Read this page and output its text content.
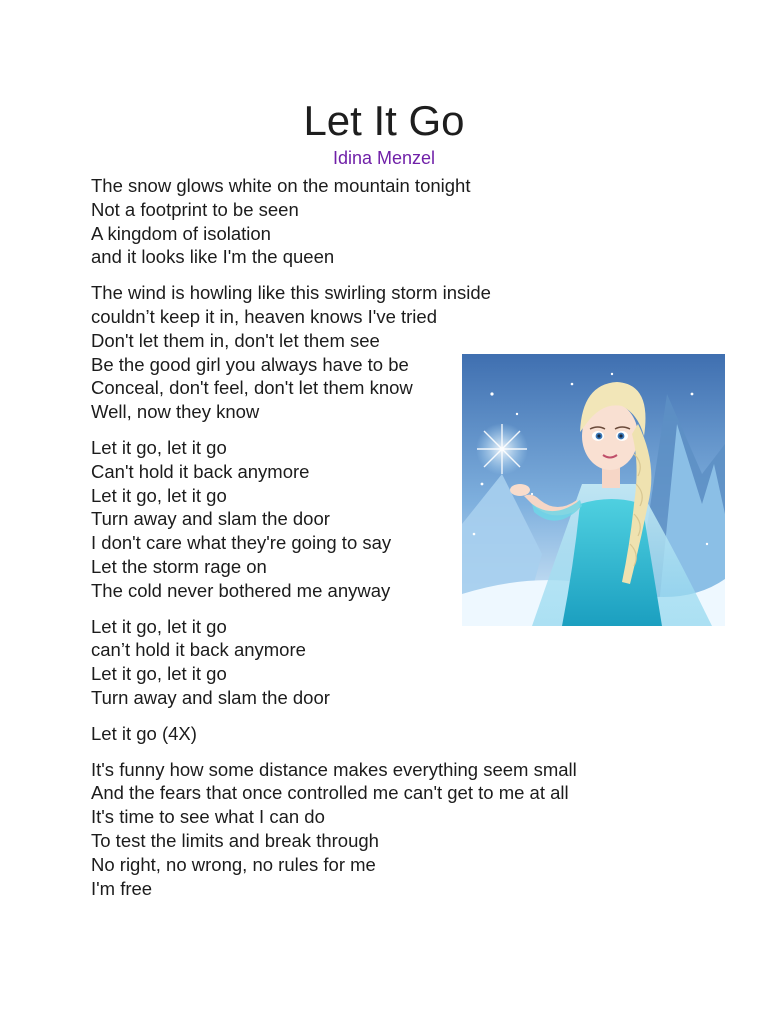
Let It Go
Idina Menzel
The snow glows white on the mountain tonight
Not a footprint to be seen
A kingdom of isolation
and it looks like I'm the queen
The wind is howling like this swirling storm inside
couldn’t keep it in, heaven knows I've tried
Don't let them in, don't let them see
Be the good girl you always have to be
Conceal, don't feel, don't let them know
Well, now they know
Let it go, let it go
Can't hold it back anymore
Let it go, let it go
Turn away and slam the door
I don't care what they're going to say
Let the storm rage on
The cold never bothered me anyway
Let it go, let it go
can’t hold it back anymore
Let it go, let it go
Turn away and slam the door
Let it go (4X)
It's funny how some distance makes everything seem small
And the fears that once controlled me can't get to me at all
It's time to see what I can do
To test the limits and break through
No right, no wrong, no rules for me
I'm free
